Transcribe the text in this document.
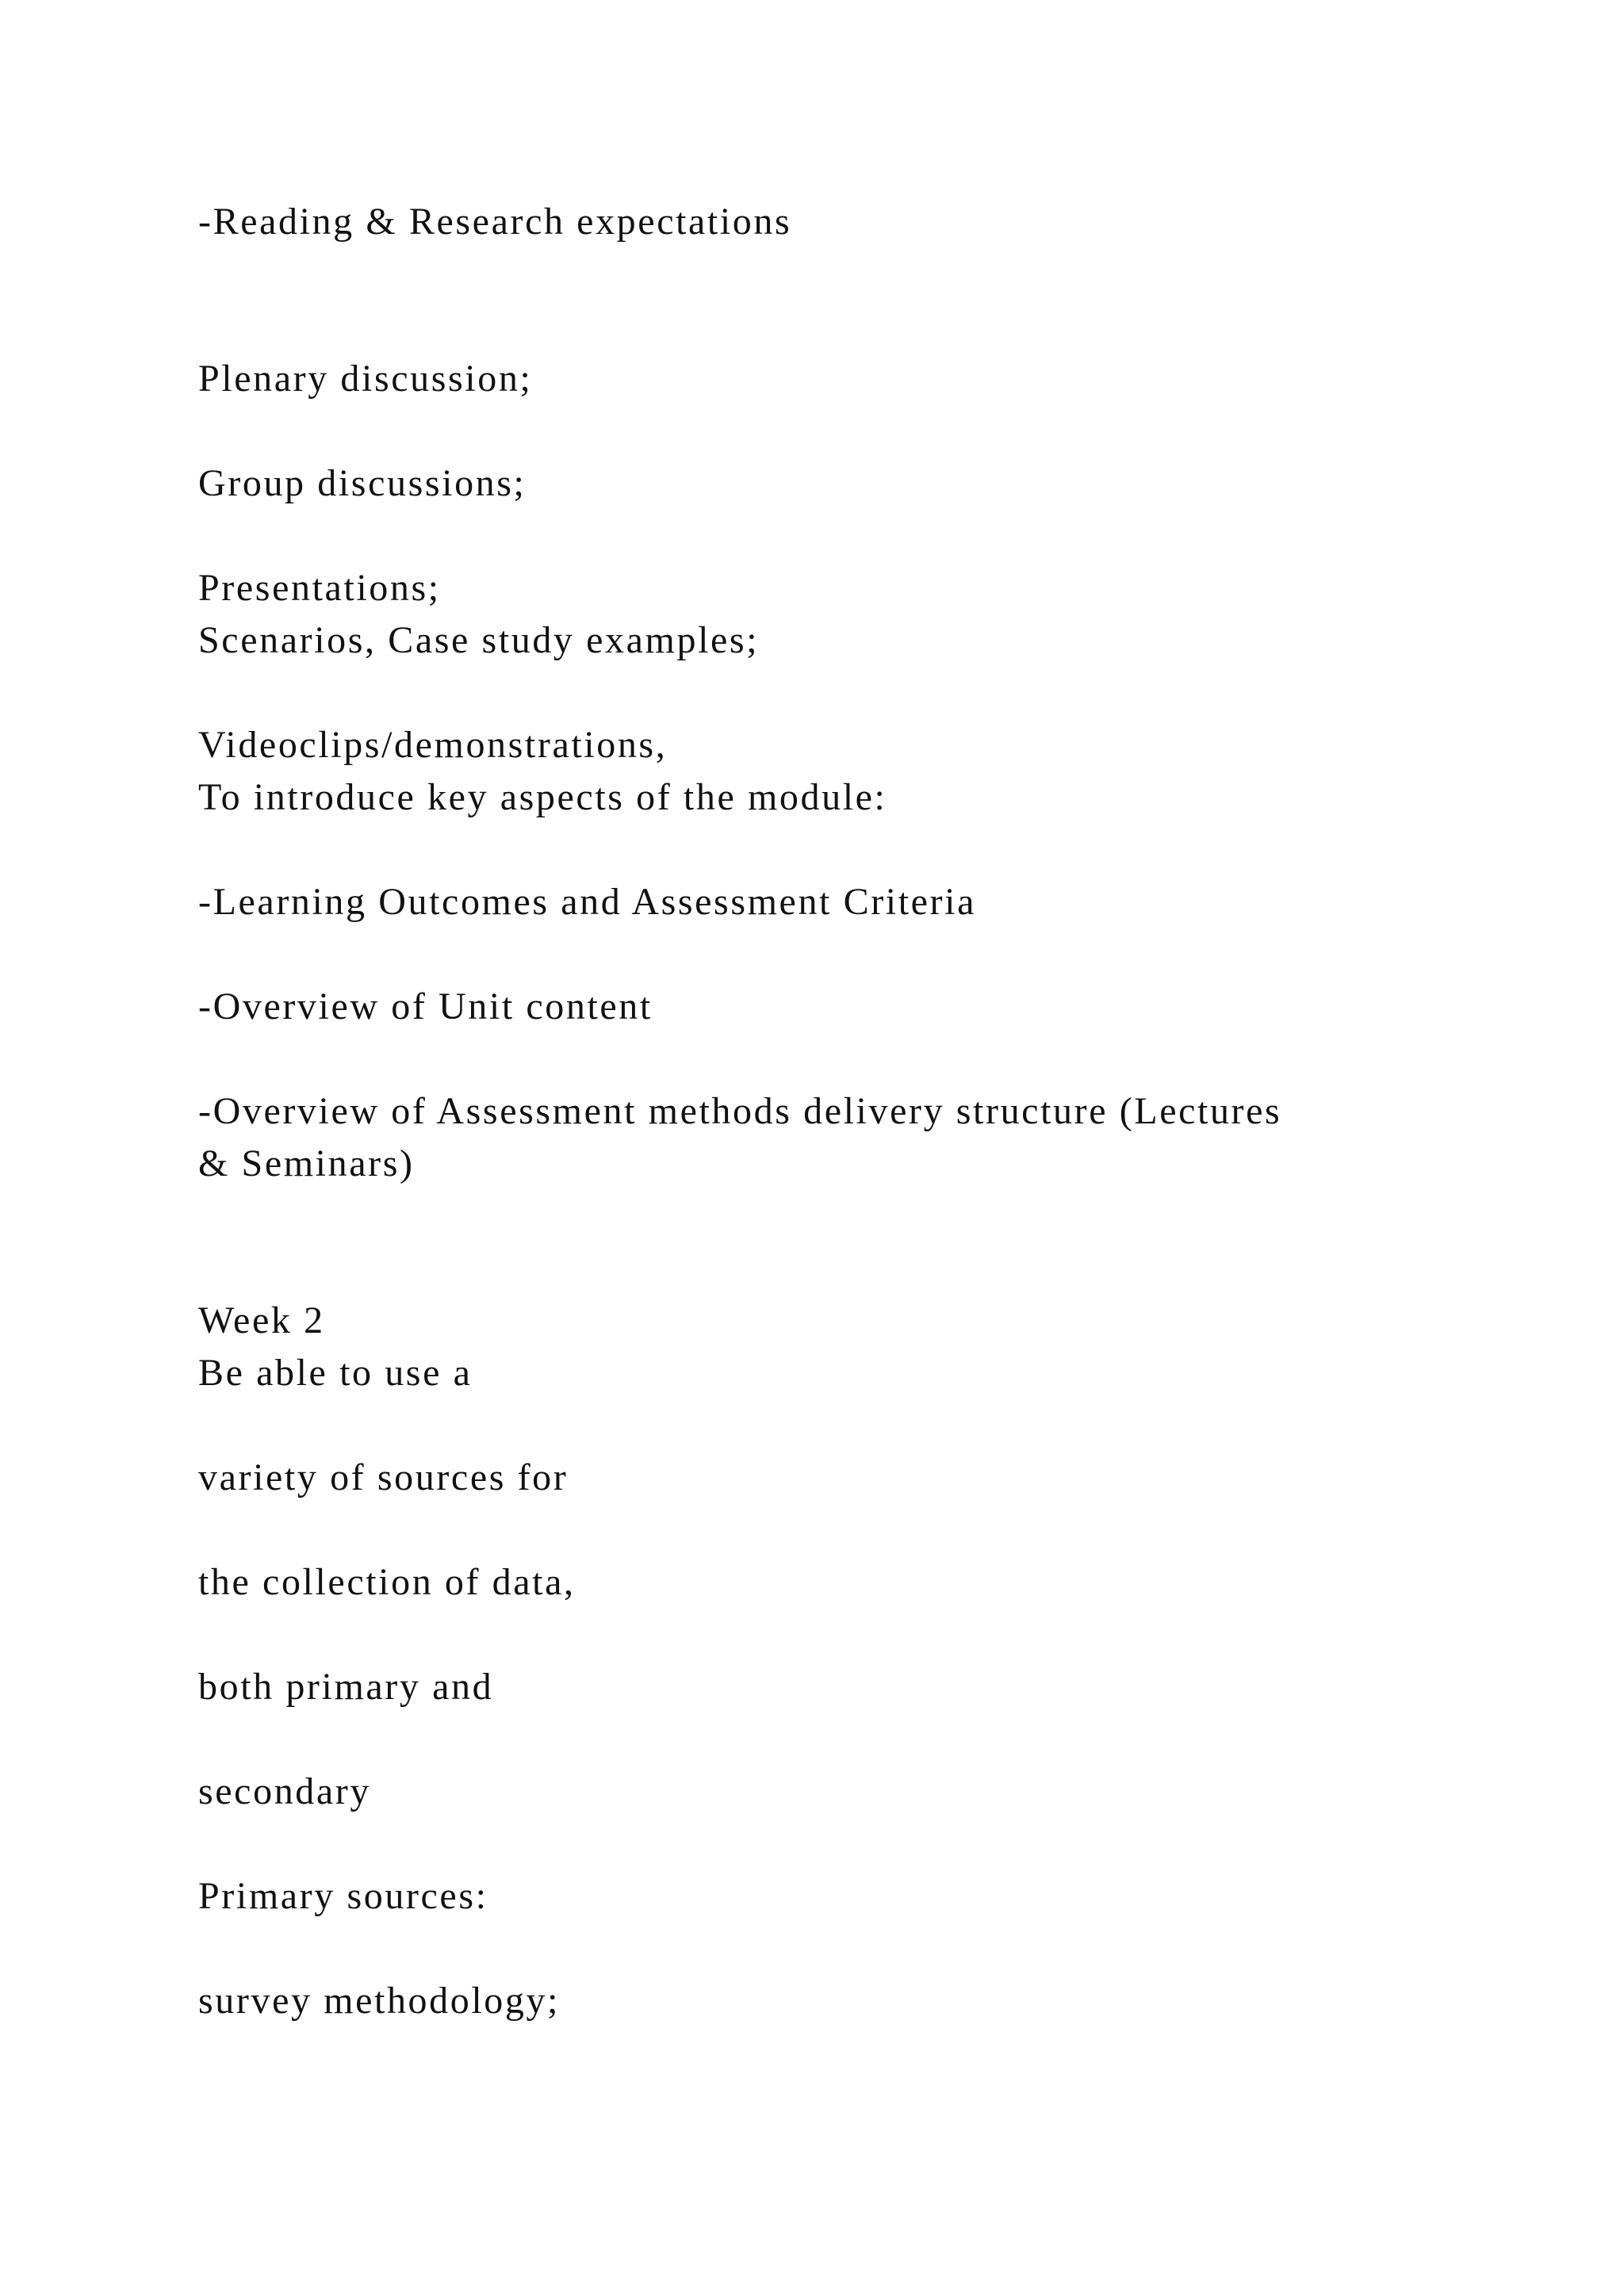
-Reading & Research expectations

Plenary discussion;

Group discussions;

Presentations;

Scenarios, Case study examples;

Videoclips/demonstrations,

To introduce key aspects of the module:

-Learning Outcomes and Assessment Criteria

-Overview of Unit content

-Overview of Assessment methods delivery structure (Lectures

& Seminars)

Week 2

Be able to use a

variety of sources for

the collection of data,

both primary and

secondary

Primary sources:

survey methodology;
